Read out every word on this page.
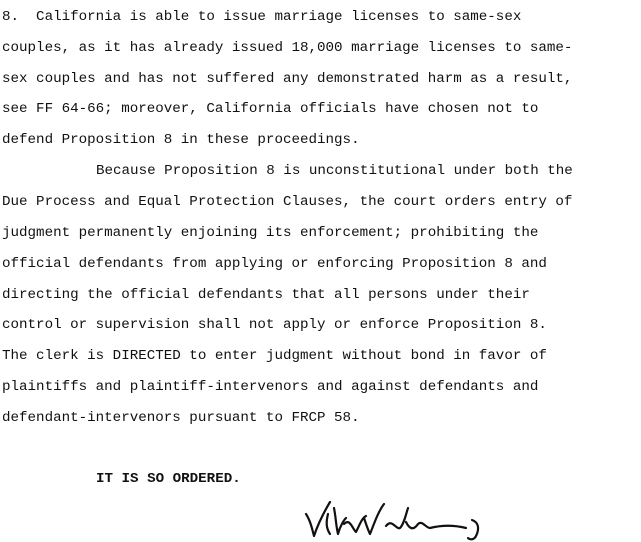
8.  California is able to issue marriage licenses to same-sex
couples, as it has already issued 18,000 marriage licenses to same-
sex couples and has not suffered any demonstrated harm as a result,
see FF 64-66; moreover, California officials have chosen not to
defend Proposition 8 in these proceedings.
Because Proposition 8 is unconstitutional under both the
Due Process and Equal Protection Clauses, the court orders entry of
judgment permanently enjoining its enforcement; prohibiting the
official defendants from applying or enforcing Proposition 8 and
directing the official defendants that all persons under their
control or supervision shall not apply or enforce Proposition 8.
The clerk is DIRECTED to enter judgment without bond in favor of
plaintiffs and plaintiff-intervenors and against defendants and
defendant-intervenors pursuant to FRCP 58.
IT IS SO ORDERED.
